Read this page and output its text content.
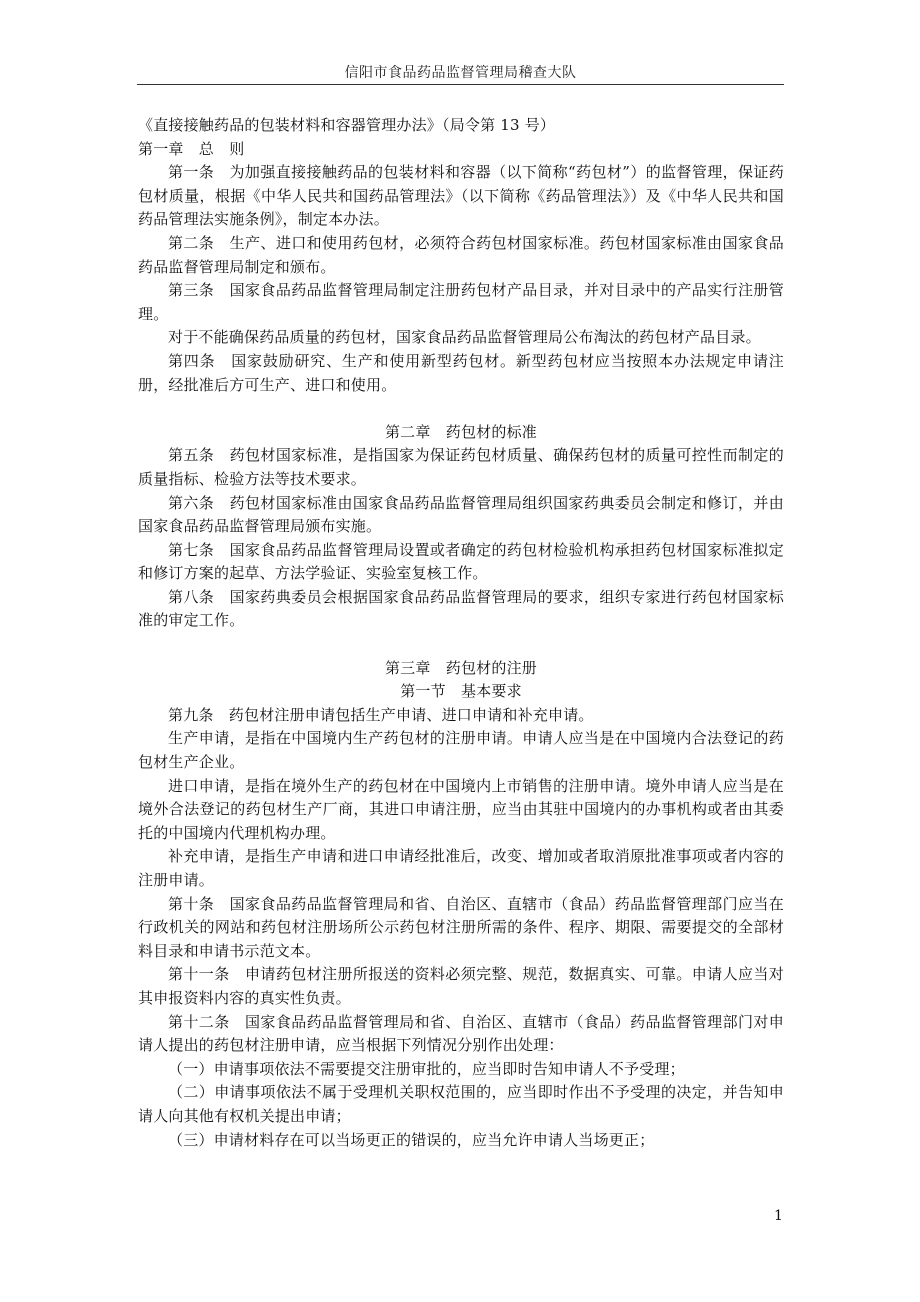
信阳市食品药品监督管理局稽查大队

《直接接触药品的包装材料和容器管理办法》（局令第 13 号）

第一章　总　则

第一条　为加强直接接触药品的包装材料和容器（以下简称“药包材”）的监督管理，保证药包材质量，根据《中华人民共和国药品管理法》（以下简称《药品管理法》）及《中华人民共和国药品管理法实施条例》，制定本办法。

第二条　生产、进口和使用药包材，必须符合药包材国家标准。药包材国家标准由国家食品药品监督管理局制定和颁布。

第三条　国家食品药品监督管理局制定注册药包材产品目录，并对目录中的产品实行注册管理。

对于不能确保药品质量的药包材，国家食品药品监督管理局公布淘汰的药包材产品目录。

第四条　国家鼓励研究、生产和使用新型药包材。新型药包材应当按照本办法规定申请注册，经批准后方可生产、进口和使用。

第二章　药包材的标准

第五条　药包材国家标准，是指国家为保证药包材质量、确保药包材的质量可控性而制定的质量指标、检验方法等技术要求。

第六条　药包材国家标准由国家食品药品监督管理局组织国家药典委员会制定和修订，并由国家食品药品监督管理局颁布实施。

第七条　国家食品药品监督管理局设置或者确定的药包材检验机构承担药包材国家标准拟定和修订方案的起草、方法学验证、实验室复核工作。

第八条　国家药典委员会根据国家食品药品监督管理局的要求，组织专家进行药包材国家标准的审定工作。

第三章　药包材的注册

第一节　基本要求

第九条　药包材注册申请包括生产申请、进口申请和补充申请。

生产申请，是指在中国境内生产药包材的注册申请。申请人应当是在中国境内合法登记的药包材生产企业。

进口申请，是指在境外生产的药包材在中国境内上市销售的注册申请。境外申请人应当是在境外合法登记的药包材生产厂商，其进口申请注册，应当由其驻中国境内的办事机构或者由其委托的中国境内代理机构办理。

补充申请，是指生产申请和进口申请经批准后，改变、增加或者取消原批准事项或者内容的注册申请。

第十条　国家食品药品监督管理局和省、自治区、直辖市（食品）药品监督管理部门应当在行政机关的网站和药包材注册场所公示药包材注册所需的条件、程序、期限、需要提交的全部材料目录和申请书示范文本。

第十一条　申请药包材注册所报送的资料必须完整、规范，数据真实、可靠。申请人应当对其申报资料内容的真实性负责。

第十二条　国家食品药品监督管理局和省、自治区、直辖市（食品）药品监督管理部门对申请人提出的药包材注册申请，应当根据下列情况分别作出处理：

（一）申请事项依法不需要提交注册审批的，应当即时告知申请人不予受理；

（二）申请事项依法不属于受理机关职权范围的，应当即时作出不予受理的决定，并告知申请人向其他有权机关提出申请；

（三）申请材料存在可以当场更正的错误的，应当允许申请人当场更正；

1
